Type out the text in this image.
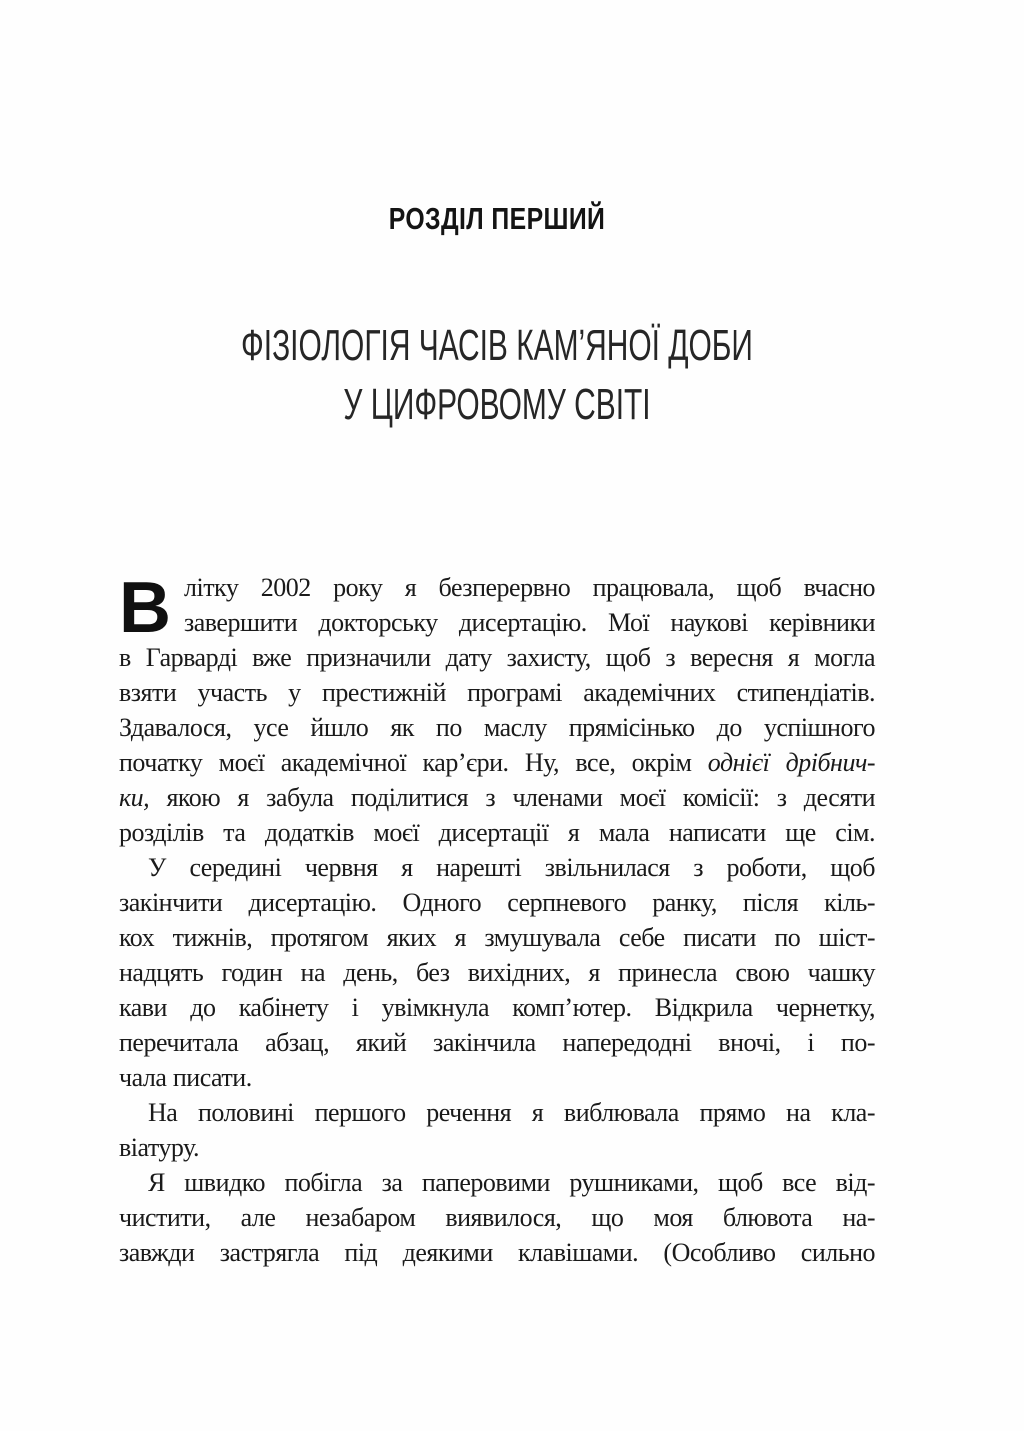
РОЗДІЛ ПЕРШИЙ
ФІЗІОЛОГІЯ ЧАСІВ КАМ’ЯНОЇ ДОБИ
У ЦИФРОВОМУ СВІТІ
В літку 2002 року я безперервно працювала, щоб вчасно
завершити докторську дисертацію. Мої наукові керівники
в Гарварді вже призначили дату захисту, щоб з вересня я могла
взяти участь у престижній програмі академічних стипендіатів.
Здавалося, усе йшло як по маслу прямісінько до успішного
початку моєї академічної кар’єри. Ну, все, окрім однієї дрібнич-
ки, якою я забула поділитися з членами моєї комісії: з десяти
розділів та додатків моєї дисертації я мала написати ще сім.
У середині червня я нарешті звільнилася з роботи, щоб
закінчити дисертацію. Одного серпневого ранку, після кіль-
кох тижнів, протягом яких я змушувала себе писати по шіст-
надцять годин на день, без вихідних, я принесла свою чашку
кави до кабінету і увімкнула комп’ютер. Відкрила чернетку,
перечитала абзац, який закінчила напередодні вночі, і по-
чала писати.
На половині першого речення я виблювала прямо на кла-
віатуру.
Я швидко побігла за паперовими рушниками, щоб все від-
чистити, але незабаром виявилося, що моя блювота на-
завжди застрягла під деякими клавішами. (Особливо сильно
